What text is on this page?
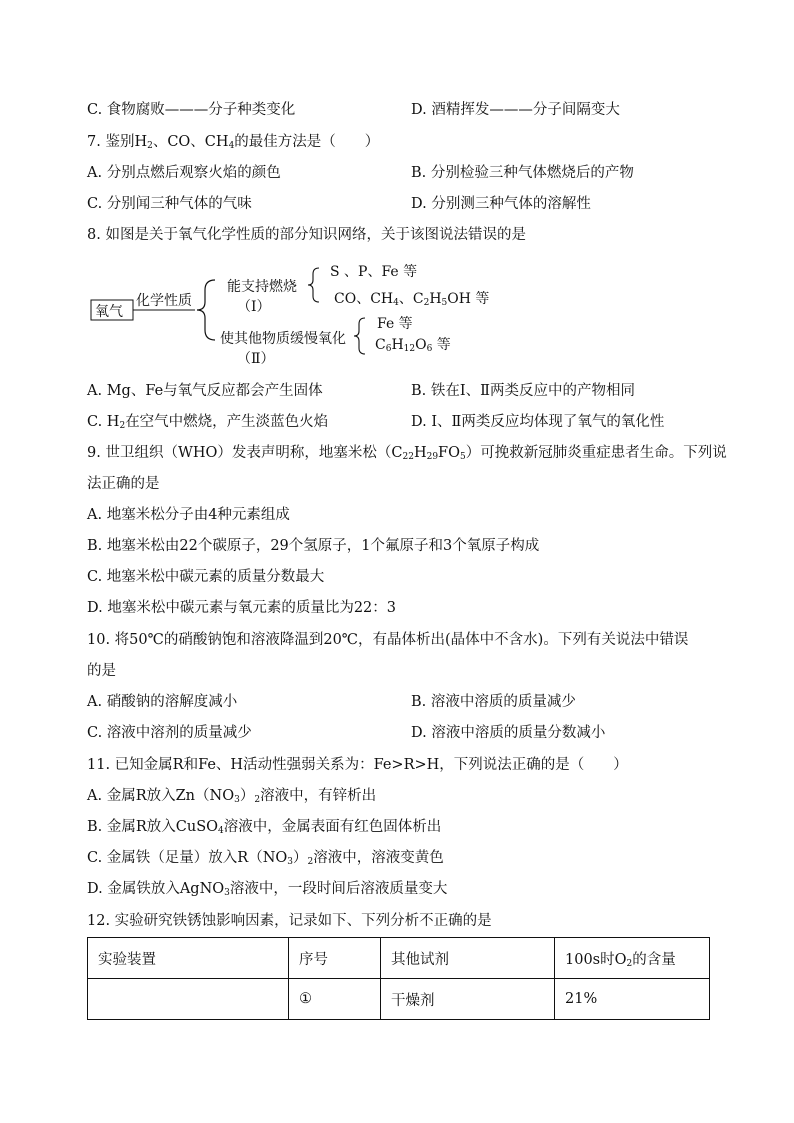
C. 食物腐败———分子种类变化	D. 酒精挥发———分子间隔变大
7. 鉴别$H_2$、CO、$CH_4$的最佳方法是（　　）
A. 分别点燃后观察火焰的颜色	B. 分别检验三种气体燃烧后的产物
C. 分别闻三种气体的气味	D. 分别测三种气体的溶解性
8. 如图是关于氧气化学性质的部分知识网络，关于该图说法错误的是
氧气
化学性质
能支持燃烧
（Ⅰ）
S 、P、Fe 等
CO、$CH_4$、$C_2H_5OH$ 等
使其他物质缓慢氧化
（Ⅱ）
Fe 等
$C_6H_{12}O_6$ 等
A. Mg、Fe与氧气反应都会产生固体	B. 铁在Ⅰ、Ⅱ两类反应中的产物相同
C. $H_2$在空气中燃烧，产生淡蓝色火焰	D. Ⅰ、Ⅱ两类反应均体现了氧气的氧化性
9. 世卫组织（WHO）发表声明称，地塞米松$(C_{22}H_{29}FO_5)$可挽救新冠肺炎重症患者生命。下列说
法正确的是
A. 地塞米松分子由4种元素组成
B. 地塞米松由22个碳原子，29个氢原子，1个氟原子和3个氧原子构成
C. 地塞米松中碳元素的质量分数最大
D. 地塞米松中碳元素与氧元素的质量比为22：3
10. 将50℃的硝酸钠饱和溶液降温到20℃，有晶体析出(晶体中不含水)。下列有关说法中错误
的是
A. 硝酸钠的溶解度减小	B. 溶液中溶质的质量减少
C. 溶液中溶剂的质量减少	D. 溶液中溶质的质量分数减小
11. 已知金属R和Fe、H活动性强弱关系为：Fe>R>H，下列说法正确的是（　　）
A. 金属R放入$Zn(NO_3)_2$溶液中，有锌析出
B. 金属R放入CuSO$_4$溶液中，金属表面有红色固体析出
C. 金属铁（足量）放入$R(NO_3)_2$溶液中，溶液变黄色
D. 金属铁放入AgNO$_3$溶液中，一段时间后溶液质量变大
12. 实验研究铁锈蚀影响因素，记录如下、下列分析不正确的是
实验装置	序号	其他试剂	100s时$O_2$的含量
	①	干燥剂	21%
